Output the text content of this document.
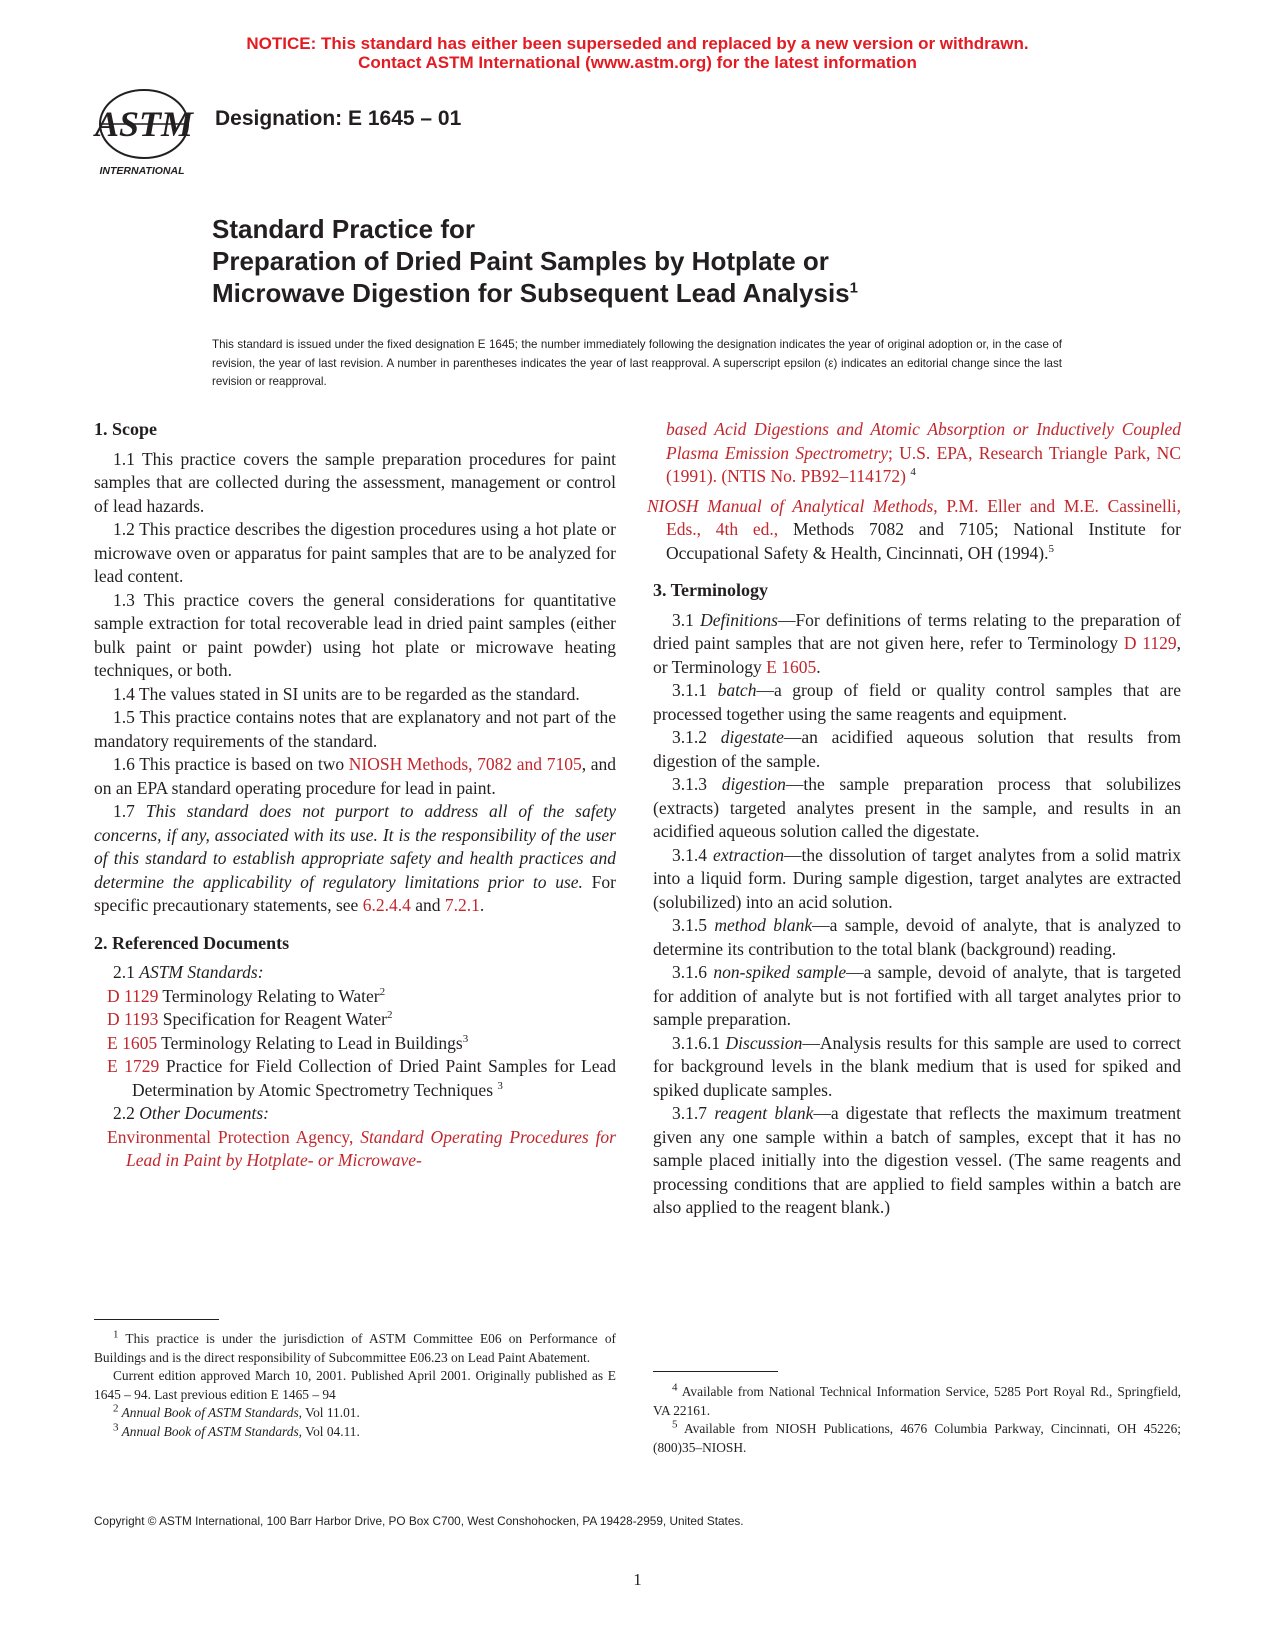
NOTICE: This standard has either been superseded and replaced by a new version or withdrawn.
Contact ASTM International (www.astm.org) for the latest information
ASTM
INTERNATIONAL
Designation: E 1645 – 01
Standard Practice for
Preparation of Dried Paint Samples by Hotplate or
Microwave Digestion for Subsequent Lead Analysis$^1$
This standard is issued under the fixed designation E 1645; the number immediately following the designation indicates the year of original adoption or, in the case of revision, the year of last revision. A number in parentheses indicates the year of last reapproval. A superscript epsilon (ε) indicates an editorial change since the last revision or reapproval.

1. Scope

1.1 This practice covers the sample preparation procedures for paint samples that are collected during the assessment, management or control of lead hazards.

1.2 This practice describes the digestion procedures using a hot plate or microwave oven or apparatus for paint samples that are to be analyzed for lead content.

1.3 This practice covers the general considerations for quantitative sample extraction for total recoverable lead in dried paint samples (either bulk paint or paint powder) using hot plate or microwave heating techniques, or both.

1.4 The values stated in SI units are to be regarded as the standard.

1.5 This practice contains notes that are explanatory and not part of the mandatory requirements of the standard.

1.6 This practice is based on two NIOSH Methods, 7082 and 7105, and on an EPA standard operating procedure for lead in paint.

1.7 This standard does not purport to address all of the safety concerns, if any, associated with its use. It is the responsibility of the user of this standard to establish appropriate safety and health practices and determine the applicability of regulatory limitations prior to use. For specific precautionary statements, see 6.2.4.4 and 7.2.1.

2. Referenced Documents

2.1 ASTM Standards:

D 1129 Terminology Relating to Water$^2$

D 1193 Specification for Reagent Water$^2$

E 1605 Terminology Relating to Lead in Buildings$^3$

E 1729 Practice for Field Collection of Dried Paint Samples for Lead Determination by Atomic Spectrometry Techniques $^3$

2.2 Other Documents:

Environmental Protection Agency, Standard Operating Procedures for Lead in Paint by Hotplate- or Microwave-

based Acid Digestions and Atomic Absorption or Inductively Coupled Plasma Emission Spectrometry; U.S. EPA, Research Triangle Park, NC (1991). (NTIS No. PB92–114172) $^4$

NIOSH Manual of Analytical Methods, P.M. Eller and M.E. Cassinelli, Eds., 4th ed., Methods 7082 and 7105; National Institute for Occupational Safety & Health, Cincinnati, OH (1994).$^5$

3. Terminology

3.1 Definitions—For definitions of terms relating to the preparation of dried paint samples that are not given here, refer to Terminology D 1129, or Terminology E 1605.

3.1.1 batch—a group of field or quality control samples that are processed together using the same reagents and equipment.

3.1.2 digestate—an acidified aqueous solution that results from digestion of the sample.

3.1.3 digestion—the sample preparation process that solubilizes (extracts) targeted analytes present in the sample, and results in an acidified aqueous solution called the digestate.

3.1.4 extraction—the dissolution of target analytes from a solid matrix into a liquid form. During sample digestion, target analytes are extracted (solubilized) into an acid solution.

3.1.5 method blank—a sample, devoid of analyte, that is analyzed to determine its contribution to the total blank (background) reading.

3.1.6 non-spiked sample—a sample, devoid of analyte, that is targeted for addition of analyte but is not fortified with all target analytes prior to sample preparation.

3.1.6.1 Discussion—Analysis results for this sample are used to correct for background levels in the blank medium that is used for spiked and spiked duplicate samples.

3.1.7 reagent blank—a digestate that reflects the maximum treatment given any one sample within a batch of samples, except that it has no sample placed initially into the digestion vessel. (The same reagents and processing conditions that are applied to field samples within a batch are also applied to the reagent blank.)

$^1$ This practice is under the jurisdiction of ASTM Committee E06 on Performance of Buildings and is the direct responsibility of Subcommittee E06.23 on Lead Paint Abatement.

Current edition approved March 10, 2001. Published April 2001. Originally published as E 1645 – 94. Last previous edition E 1465 – 94

$^2$ Annual Book of ASTM Standards, Vol 11.01.

$^3$ Annual Book of ASTM Standards, Vol 04.11.

$^4$ Available from National Technical Information Service, 5285 Port Royal Rd., Springfield, VA 22161.

$^5$ Available from NIOSH Publications, 4676 Columbia Parkway, Cincinnati, OH 45226; (800)35–NIOSH.

Copyright © ASTM International, 100 Barr Harbor Drive, PO Box C700, West Conshohocken, PA 19428-2959, United States.
1
